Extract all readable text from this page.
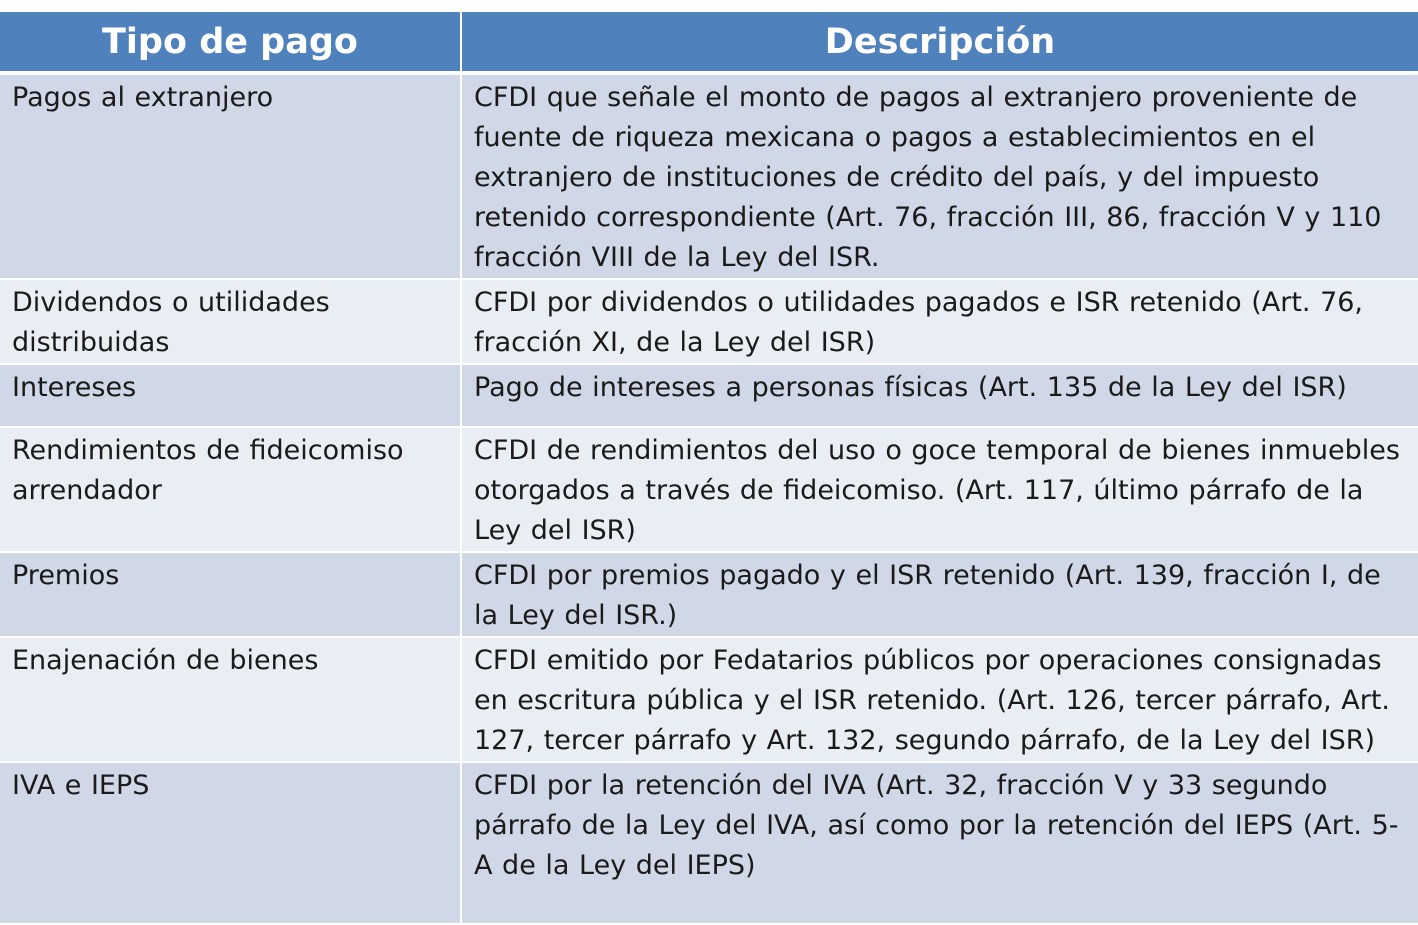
Tipo de pago	Descripción
Pagos al extranjero	CFDI que señale el monto de pagos al extranjero proveniente de fuente de riqueza mexicana o pagos a establecimientos en el extranjero de instituciones de crédito del país, y del impuesto retenido correspondiente (Art. 76, fracción III, 86, fracción V y 110 fracción VIII de la Ley del ISR.
Dividendos o utilidades distribuidas	CFDI por dividendos o utilidades pagados e ISR retenido (Art. 76, fracción XI, de la Ley del ISR)
Intereses	Pago de intereses a personas físicas (Art. 135 de la Ley del ISR)
Rendimientos de fideicomiso arrendador	CFDI de rendimientos del uso o goce temporal de bienes inmuebles otorgados a través de fideicomiso. (Art. 117, último párrafo de la Ley del ISR)
Premios	CFDI por premios pagado y el ISR retenido (Art. 139, fracción I, de la Ley del ISR.)
Enajenación de bienes	CFDI emitido por Fedatarios públicos por operaciones consignadas en escritura pública y el ISR retenido. (Art. 126, tercer párrafo, Art. 127, tercer párrafo y Art. 132, segundo párrafo, de la Ley del ISR)
IVA e IEPS	CFDI por la retención del IVA (Art. 32, fracción V y 33 segundo párrafo de la Ley del IVA, así como por la retención del IEPS (Art. 5-A de la Ley del IEPS)
